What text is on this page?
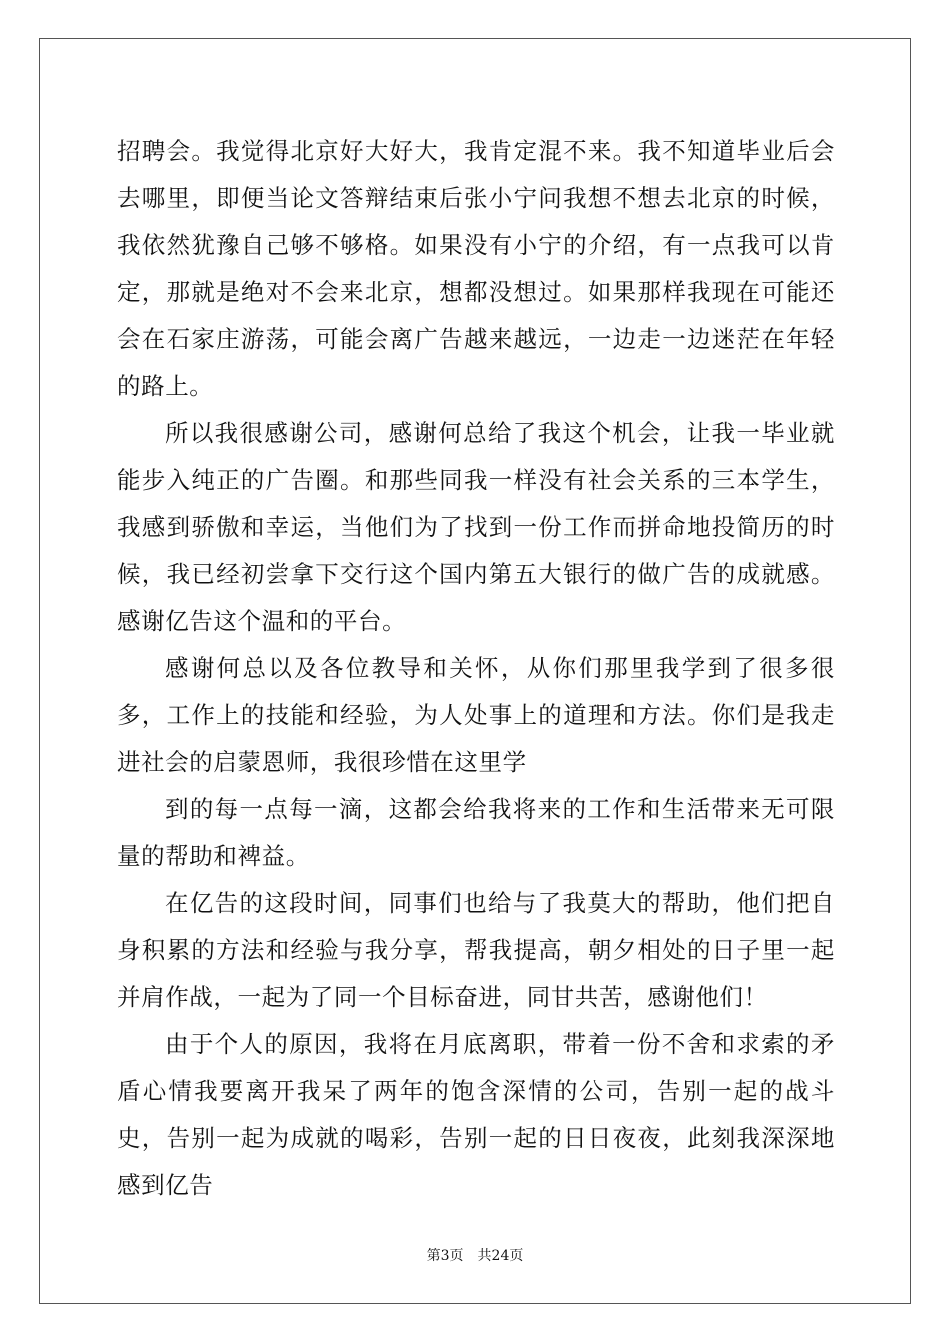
招聘会。我觉得北京好大好大，我肯定混不来。我不知道毕业后会去哪里，即便当论文答辩结束后张小宁问我想不想去北京的时候，我依然犹豫自己够不够格。如果没有小宁的介绍，有一点我可以肯定，那就是绝对不会来北京，想都没想过。如果那样我现在可能还会在石家庄游荡，可能会离广告越来越远，一边走一边迷茫在年轻的路上。

所以我很感谢公司，感谢何总给了我这个机会，让我一毕业就能步入纯正的广告圈。和那些同我一样没有社会关系的三本学生，我感到骄傲和幸运，当他们为了找到一份工作而拼命地投简历的时候，我已经初尝拿下交行这个国内第五大银行的做广告的成就感。感谢亿告这个温和的平台。

感谢何总以及各位教导和关怀，从你们那里我学到了很多很多，工作上的技能和经验，为人处事上的道理和方法。你们是我走进社会的启蒙恩师，我很珍惜在这里学

到的每一点每一滴，这都会给我将来的工作和生活带来无可限量的帮助和裨益。

在亿告的这段时间，同事们也给与了我莫大的帮助，他们把自身积累的方法和经验与我分享，帮我提高，朝夕相处的日子里一起并肩作战，一起为了同一个目标奋进，同甘共苦，感谢他们！

由于个人的原因，我将在月底离职，带着一份不舍和求索的矛盾心情我要离开我呆了两年的饱含深情的公司，告别一起的战斗史，告别一起为成就的喝彩，告别一起的日日夜夜，此刻我深深地感到亿告

第3页 共24页
